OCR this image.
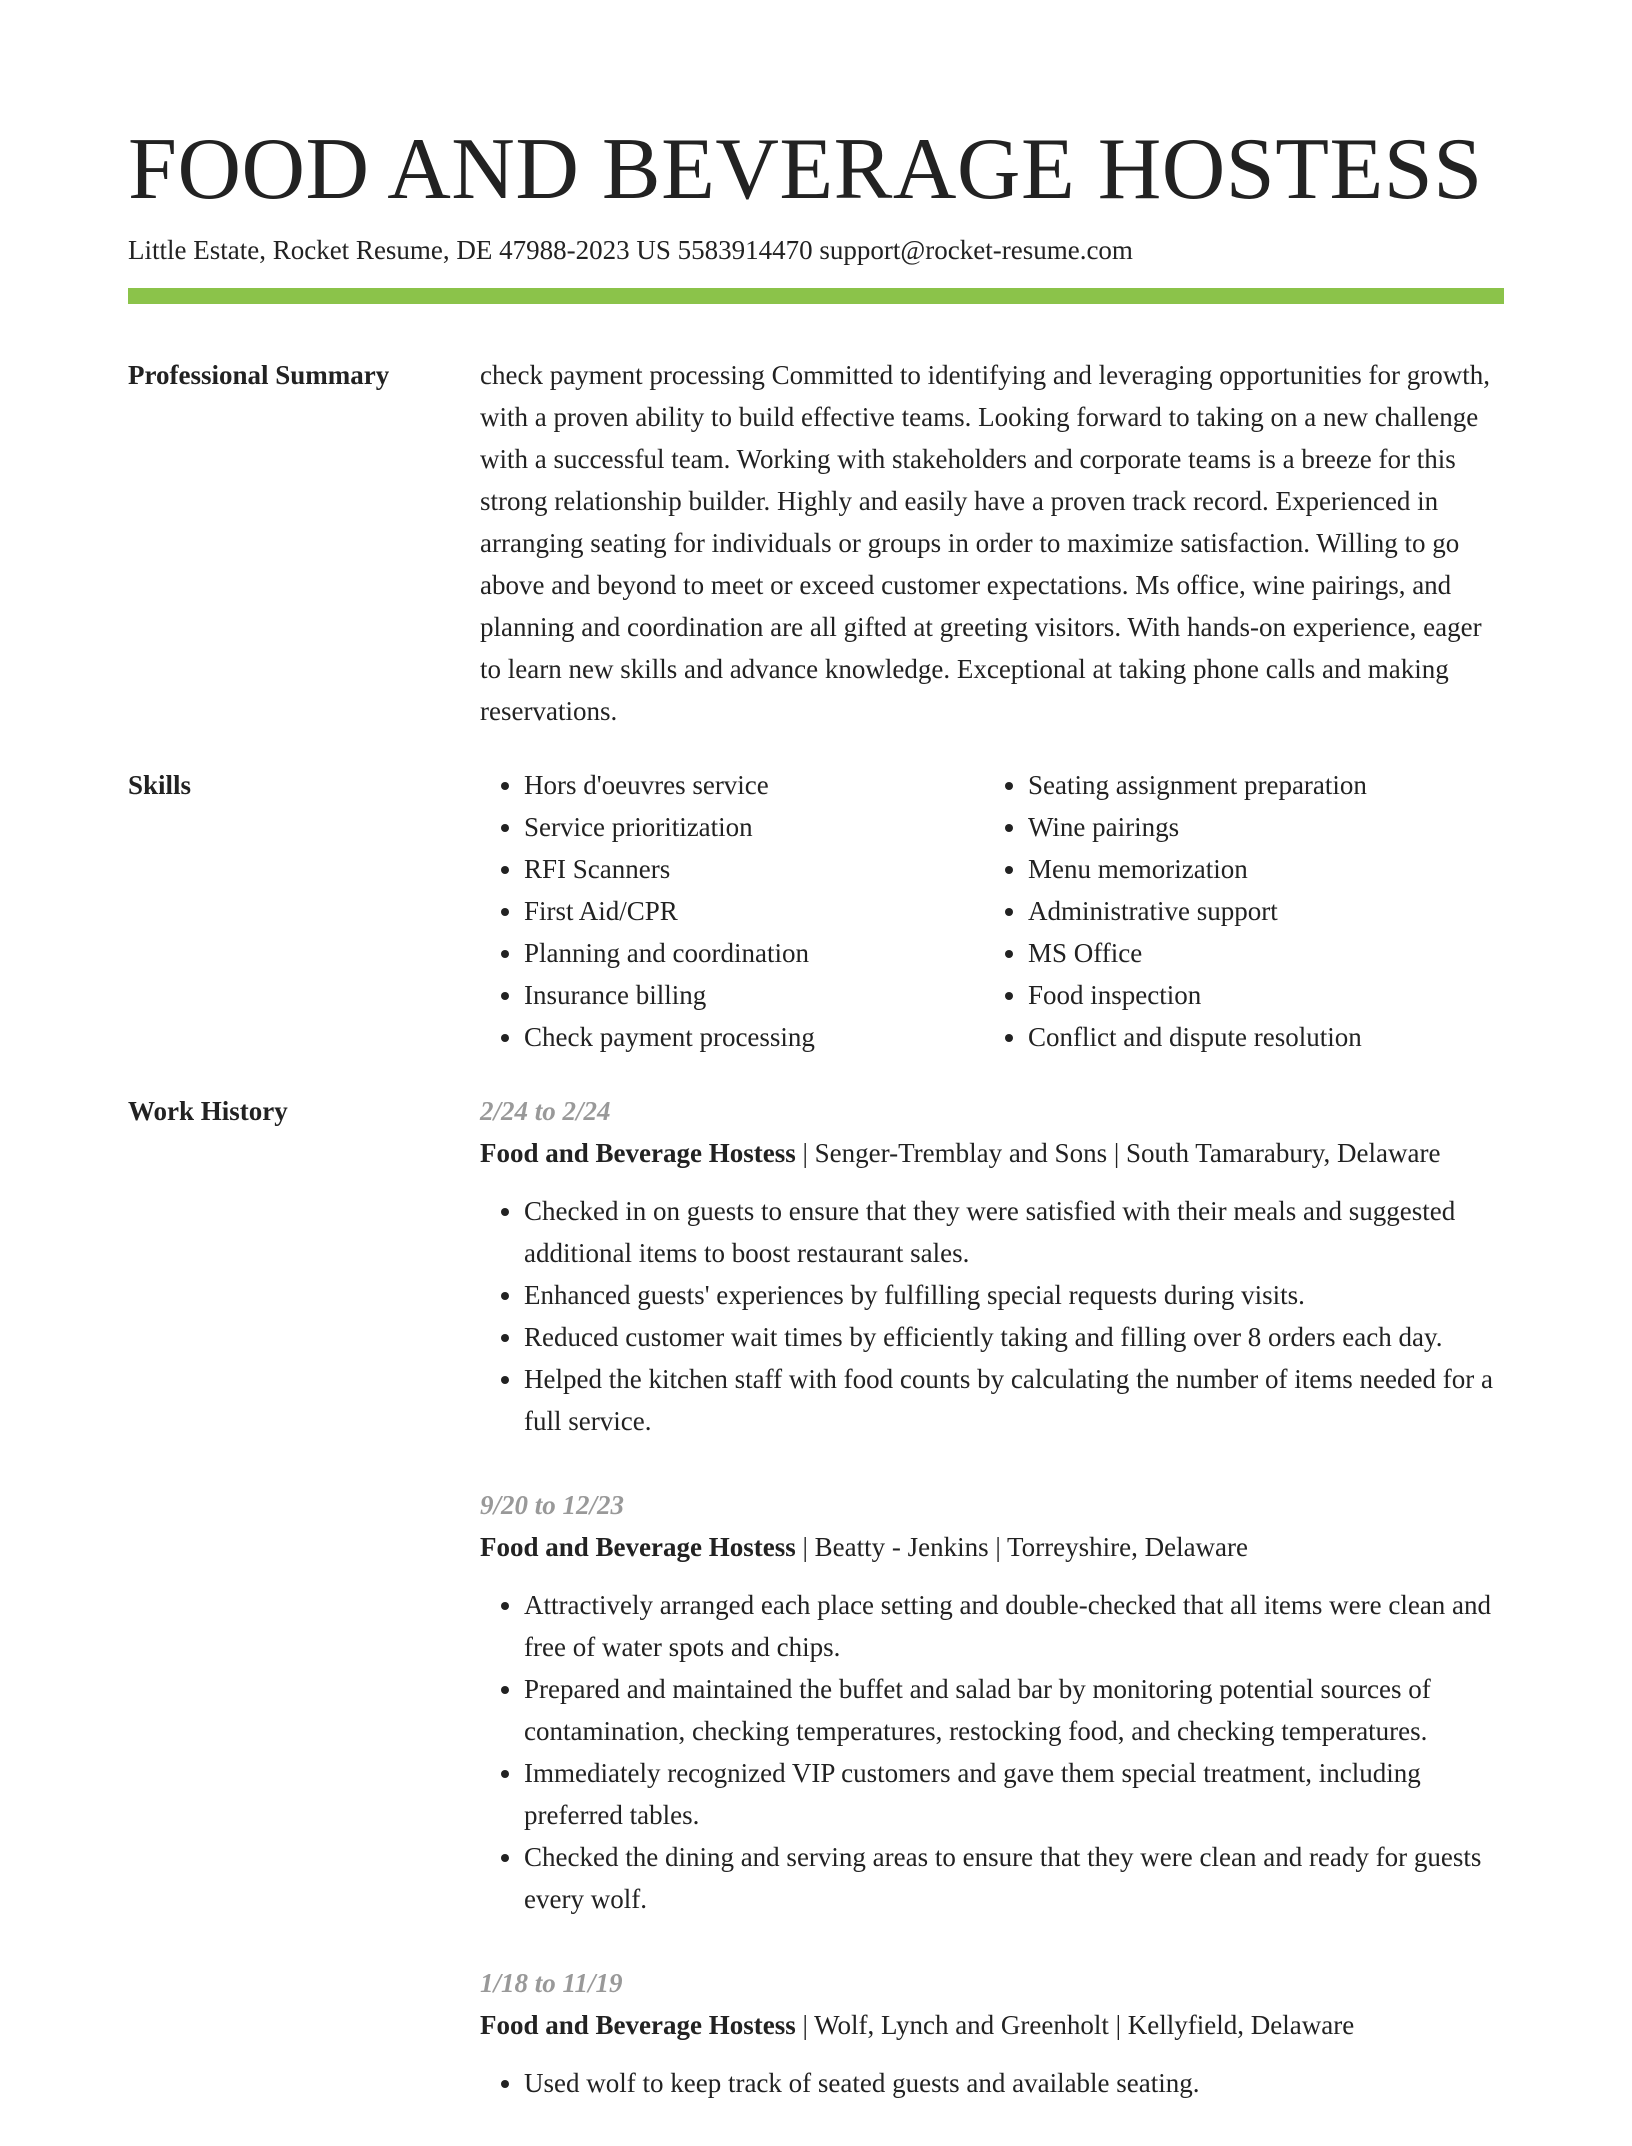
FOOD AND BEVERAGE HOSTESS
Little Estate, Rocket Resume, DE 47988-2023 US 5583914470 support@rocket-resume.com
Professional Summary	check payment processing Committed to identifying and leveraging opportunities for growth, with a proven ability to build effective teams. Looking forward to taking on a new challenge with a successful team. Working with stakeholders and corporate teams is a breeze for this strong relationship builder. Highly and easily have a proven track record. Experienced in arranging seating for individuals or groups in order to maximize satisfaction. Willing to go above and beyond to meet or exceed customer expectations. Ms office, wine pairings, and planning and coordination are all gifted at greeting visitors. With hands-on experience, eager to learn new skills and advance knowledge. Exceptional at taking phone calls and making reservations.
Skills
•	Hors d'oeuvres service
• Service prioritization
• RFI Scanners
• First Aid/CPR
• Planning and coordination
• Insurance billing
• Check payment processing
• Seating assignment preparation
• Wine pairings
• Menu memorization
• Administrative support
• MS Office
• Food inspection
• Conflict and dispute resolution
Work History	2/24 to 2/24
Food and Beverage Hostess | Senger-Tremblay and Sons | South Tamarabury, Delaware
• Checked in on guests to ensure that they were satisfied with their meals and suggested additional items to boost restaurant sales.
• Enhanced guests' experiences by fulfilling special requests during visits.
• Reduced customer wait times by efficiently taking and filling over 8 orders each day.
• Helped the kitchen staff with food counts by calculating the number of items needed for a full service.
9/20 to 12/23
Food and Beverage Hostess | Beatty - Jenkins | Torreyshire, Delaware
• Attractively arranged each place setting and double-checked that all items were clean and free of water spots and chips.
• Prepared and maintained the buffet and salad bar by monitoring potential sources of contamination, checking temperatures, restocking food, and checking temperatures.
• Immediately recognized VIP customers and gave them special treatment, including preferred tables.
• Checked the dining and serving areas to ensure that they were clean and ready for guests every wolf.
1/18 to 11/19
Food and Beverage Hostess | Wolf, Lynch and Greenholt | Kellyfield, Delaware
• Used wolf to keep track of seated guests and available seating.
